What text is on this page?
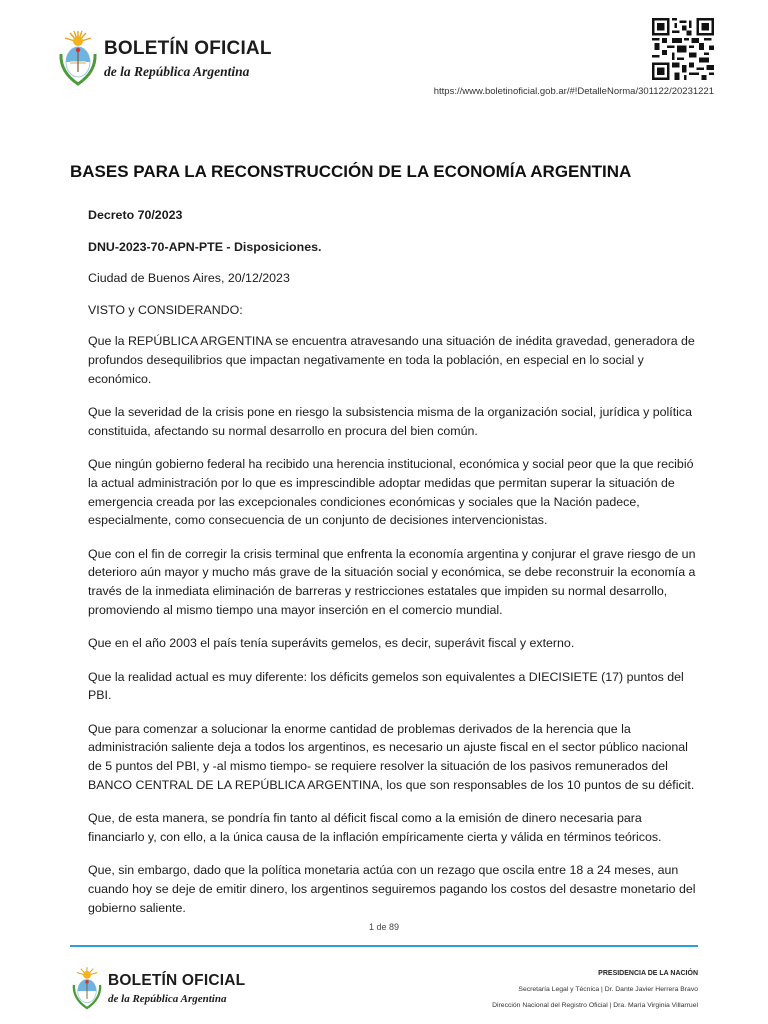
BOLETÍN OFICIAL
de la República Argentina
https://www.boletinoficial.gob.ar/#!DetalleNorma/301122/20231221
BASES PARA LA RECONSTRUCCIÓN DE LA ECONOMÍA ARGENTINA

Decreto 70/2023

DNU-2023-70-APN-PTE - Disposiciones.

Ciudad de Buenos Aires, 20/12/2023

VISTO y CONSIDERANDO:

Que la REPÚBLICA ARGENTINA se encuentra atravesando una situación de inédita gravedad, generadora de profundos desequilibrios que impactan negativamente en toda la población, en especial en lo social y económico.

Que la severidad de la crisis pone en riesgo la subsistencia misma de la organización social, jurídica y política constituida, afectando su normal desarrollo en procura del bien común.

Que ningún gobierno federal ha recibido una herencia institucional, económica y social peor que la que recibió la actual administración por lo que es imprescindible adoptar medidas que permitan superar la situación de emergencia creada por las excepcionales condiciones económicas y sociales que la Nación padece, especialmente, como consecuencia de un conjunto de decisiones intervencionistas.

Que con el fin de corregir la crisis terminal que enfrenta la economía argentina y conjurar el grave riesgo de un deterioro aún mayor y mucho más grave de la situación social y económica, se debe reconstruir la economía a través de la inmediata eliminación de barreras y restricciones estatales que impiden su normal desarrollo, promoviendo al mismo tiempo una mayor inserción en el comercio mundial.

Que en el año 2003 el país tenía superávits gemelos, es decir, superávit fiscal y externo.

Que la realidad actual es muy diferente: los déficits gemelos son equivalentes a DIECISIETE (17) puntos del PBI.

Que para comenzar a solucionar la enorme cantidad de problemas derivados de la herencia que la administración saliente deja a todos los argentinos, es necesario un ajuste fiscal en el sector público nacional de 5 puntos del PBI, y -al mismo tiempo- se requiere resolver la situación de los pasivos remunerados del BANCO CENTRAL DE LA REPÚBLICA ARGENTINA, los que son responsables de los 10 puntos de su déficit.

Que, de esta manera, se pondría fin tanto al déficit fiscal como a la emisión de dinero necesaria para financiarlo y, con ello, a la única causa de la inflación empíricamente cierta y válida en términos teóricos.

Que, sin embargo, dado que la política monetaria actúa con un rezago que oscila entre 18 a 24 meses, aun cuando hoy se deje de emitir dinero, los argentinos seguiremos pagando los costos del desastre monetario del gobierno saliente.

1 de 89
BOLETÍN OFICIAL
de la República Argentina
PRESIDENCIA DE LA NACIÓN
Secretaría Legal y Técnica | Dr. Dante Javier Herrera Bravo
Dirección Nacional del Registro Oficial | Dra. María Virginia Villarruel
